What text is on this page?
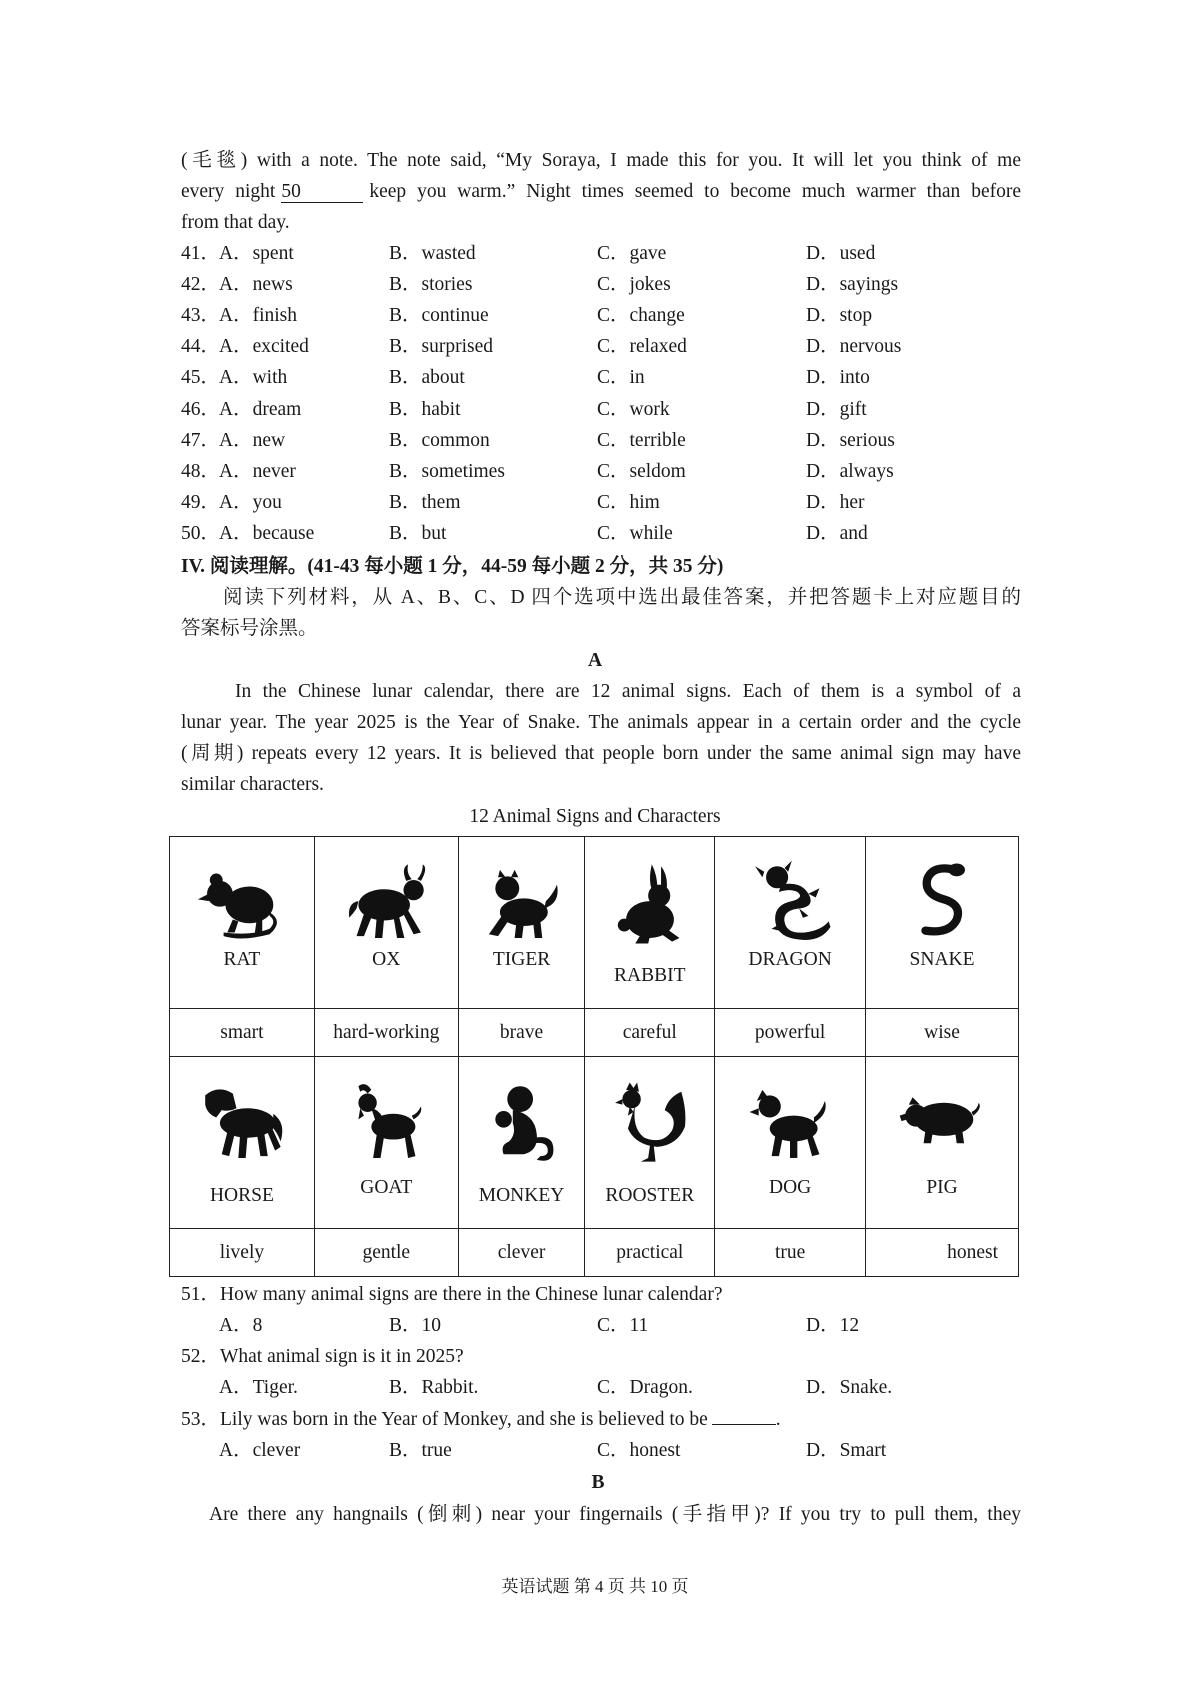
(毛毯) with a note. The note said, “My Soraya, I made this for you. It will let you think of me
every night 50	keep you warm.” Night times seemed to become much warmer than before
from that day.
41．
A．spent	B．wasted	C．gave	D．used
42．
A．news	B．stories	C．jokes	D．sayings
43．
A．finish	B．continue	C．change	D．stop
44．
A．excited	B．surprised	C．relaxed	D．nervous
45．
A．with	B．about	C．in	D．into
46．
A．dream	B．habit	C．work	D．gift
47．
A．new	B．common	C．terrible	D．serious
48．
A．never	B．sometimes	C．seldom	D．always
49．
A．you	B．them	C．him	D．her
50．
A．because	B．but	C．while	D．and
IV. 阅读理解。(41-43 每小题 1 分，44-59 每小题 2 分，共 35 分)
阅读下列材料，从 A、B、C、D 四个选项中选出最佳答案，并把答题卡上对应题目的
答案标号涂黑。
A
In the Chinese lunar calendar, there are 12 animal signs. Each of them is a symbol of a
lunar year. The year 2025 is the Year of Snake. The animals appear in a certain order and the cycle
(周期) repeats every 12 years. It is believed that people born under the same animal sign may have
similar characters.
12 Animal Signs and Characters
RAT	OX	TIGER	RABBIT	DRAGON	SNAKE

smart	hard-working	brave	careful	powerful	wise

HORSE	GOAT	MONKEY	ROOSTER	DOG	PIG

lively	gentle	clever	practical	true	honest
51．How many animal signs are there in the Chinese lunar calendar?
A．8	B．10	C．11	D．12
52．What animal sign is it in 2025?
A．Tiger.	B．Rabbit.	C．Dragon.	D．Snake.
53．Lily was born in the Year of Monkey, and she is believed to be	.
A．clever	B．true	C．honest	D．Smart
B
Are there any hangnails (倒刺) near your fingernails (手指甲)? If you try to pull them, they
英语试题 第 4 页 共 10 页
